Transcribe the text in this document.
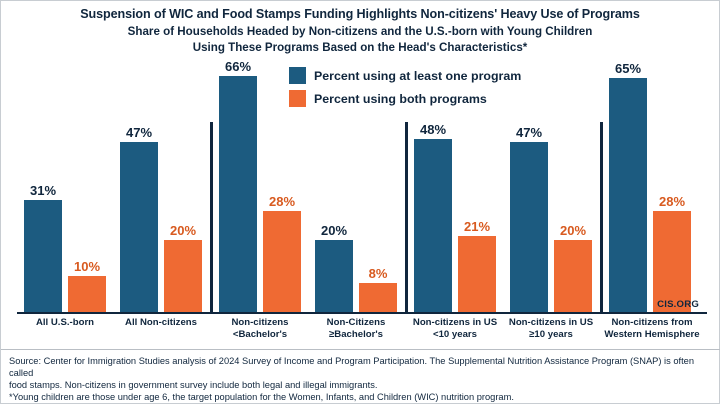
Suspension of WIC and Food Stamps Funding Highlights Non-citizens' Heavy Use of Programs
Share of Households Headed by Non-citizens and the U.S.-born with Young Children
Using These Programs Based on the Head's Characteristics*
Percent using at least one program
Percent using both programs
31%
10%
47%
20%
66%
28%
20%
8%
48%
21%
47%
20%
65%
28%
CIS.ORG
All U.S.-born	All Non-citizens	Non-citizens
<Bachelor's
Non-Citizens
≥Bachelor's
Non-citizens in US
<10 years
Non-citizens in US
≥10 years
Non-citizens from
Western Hemisphere
Source: Center for Immigration Studies analysis of 2024 Survey of Income and Program Participation. The Supplemental Nutrition Assistance Program (SNAP) is often called
food stamps. Non-citizens in government survey include both legal and illegal immigrants.
*Young children are those under age 6, the target population for the Women, Infants, and Children (WIC) nutrition program.
